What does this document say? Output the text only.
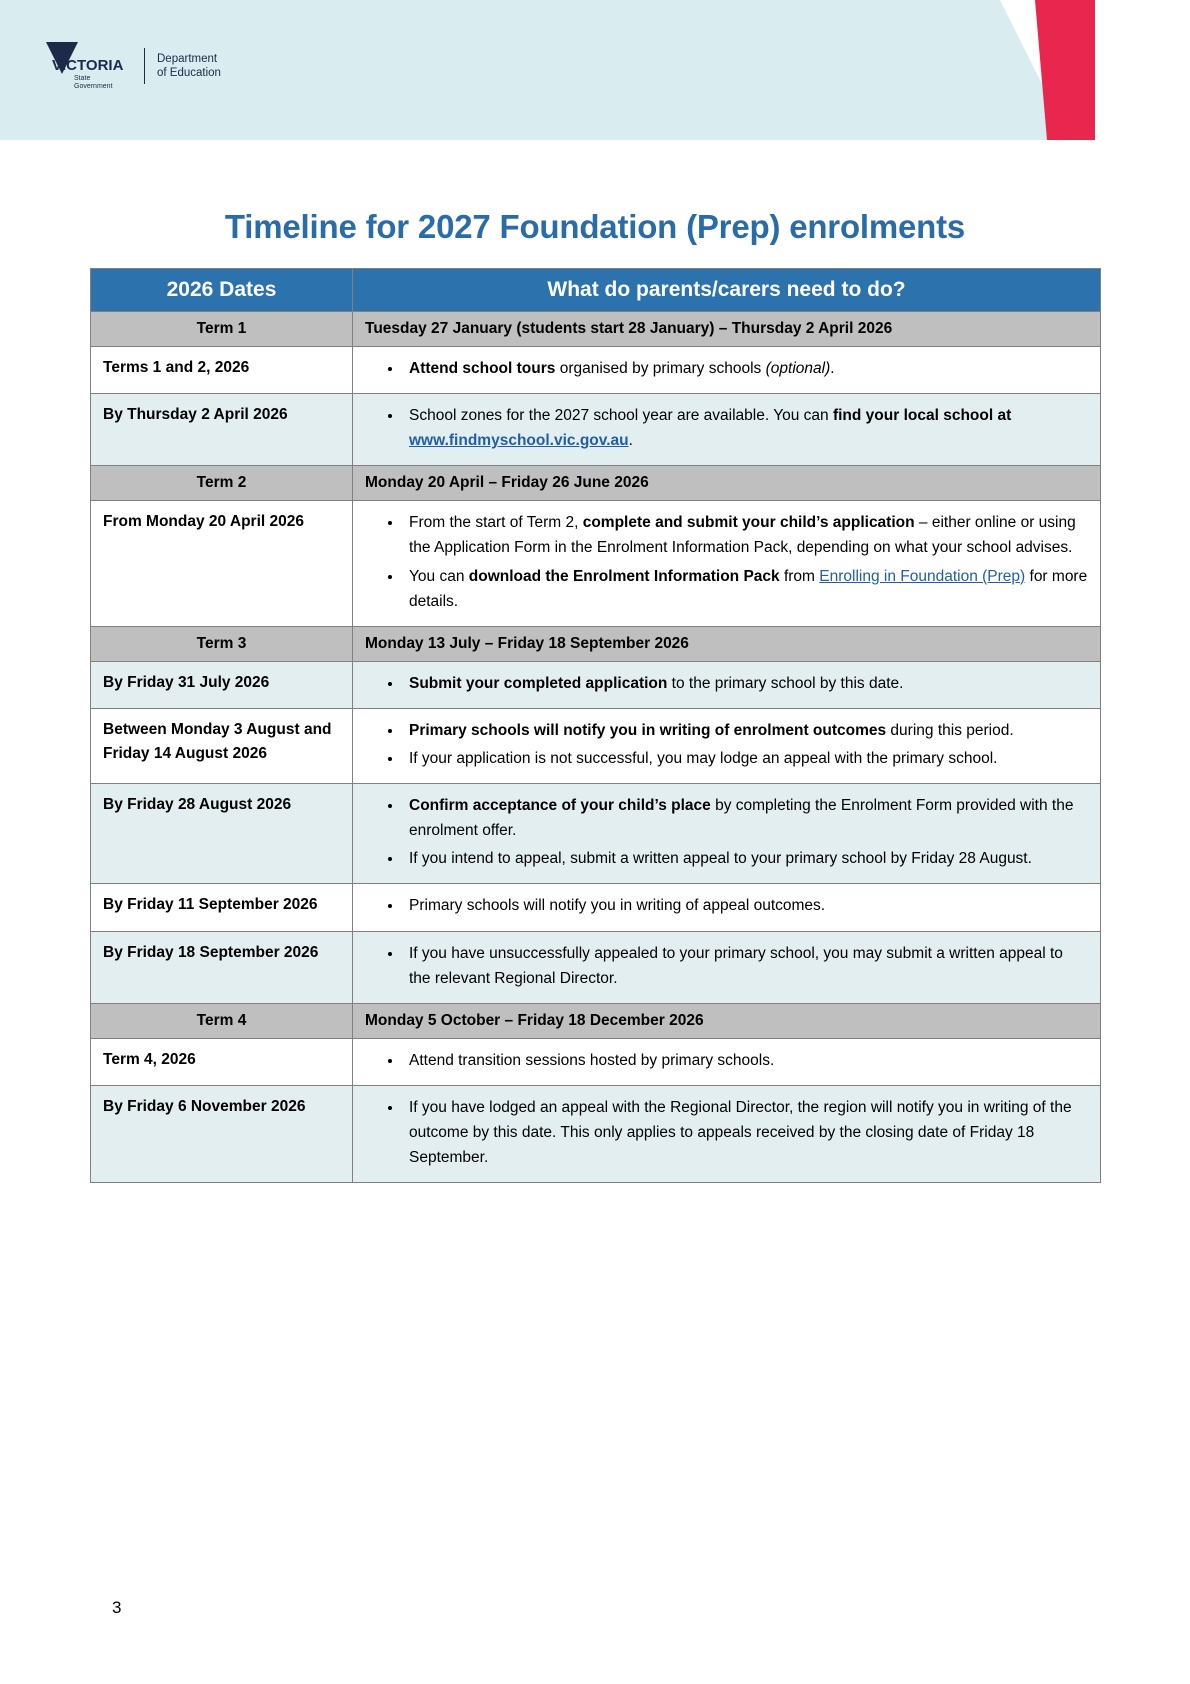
VICTORIA
State
Government
Department
of Education
Timeline for 2027 Foundation (Prep) enrolments
2026 Dates	What do parents/carers need to do?
Term 1	Tuesday 27 January (students start 28 January) – Thursday 2 April 2026
Terms 1 and 2, 2026	
•Attend school tours organised by primary schools (optional).

By Thursday 2 April 2026	
•School zones for the 2027 school year are available. You can find your local school at www.findmyschool.vic.gov.au.

Term 2	Monday 20 April – Friday 26 June 2026
From Monday 20 April 2026	
•From the start of Term 2, complete and submit your child’s application – either online or using the Application Form in the Enrolment Information Pack, depending on what your school advises.
• You can download the Enrolment Information Pack from Enrolling in Foundation (Prep) for more details.

Term 3	Monday 13 July – Friday 18 September 2026
By Friday 31 July 2026	
•Submit your completed application to the primary school by this date.

Between Monday 3 August and Friday 14 August 2026	
• Primary schools will notify you in writing of enrolment outcomes during this period.
• If your application is not successful, you may lodge an appeal with the primary school.

By Friday 28 August 2026	
•Confirm acceptance of your child’s place by completing the Enrolment Form provided with the enrolment offer.
• If you intend to appeal, submit a written appeal to your primary school by Friday 28 August.

By Friday 11 September 2026	
•Primary schools will notify you in writing of appeal outcomes.

By Friday 18 September 2026	
•If you have unsuccessfully appealed to your primary school, you may submit a written appeal to the relevant Regional Director.

Term 4	Monday 5 October – Friday 18 December 2026
Term 4, 2026	
•Attend transition sessions hosted by primary schools.

By Friday 6 November 2026	
•If you have lodged an appeal with the Regional Director, the region will notify you in writing of the outcome by this date. This only applies to appeals received by the closing date of Friday 18 September.
3
